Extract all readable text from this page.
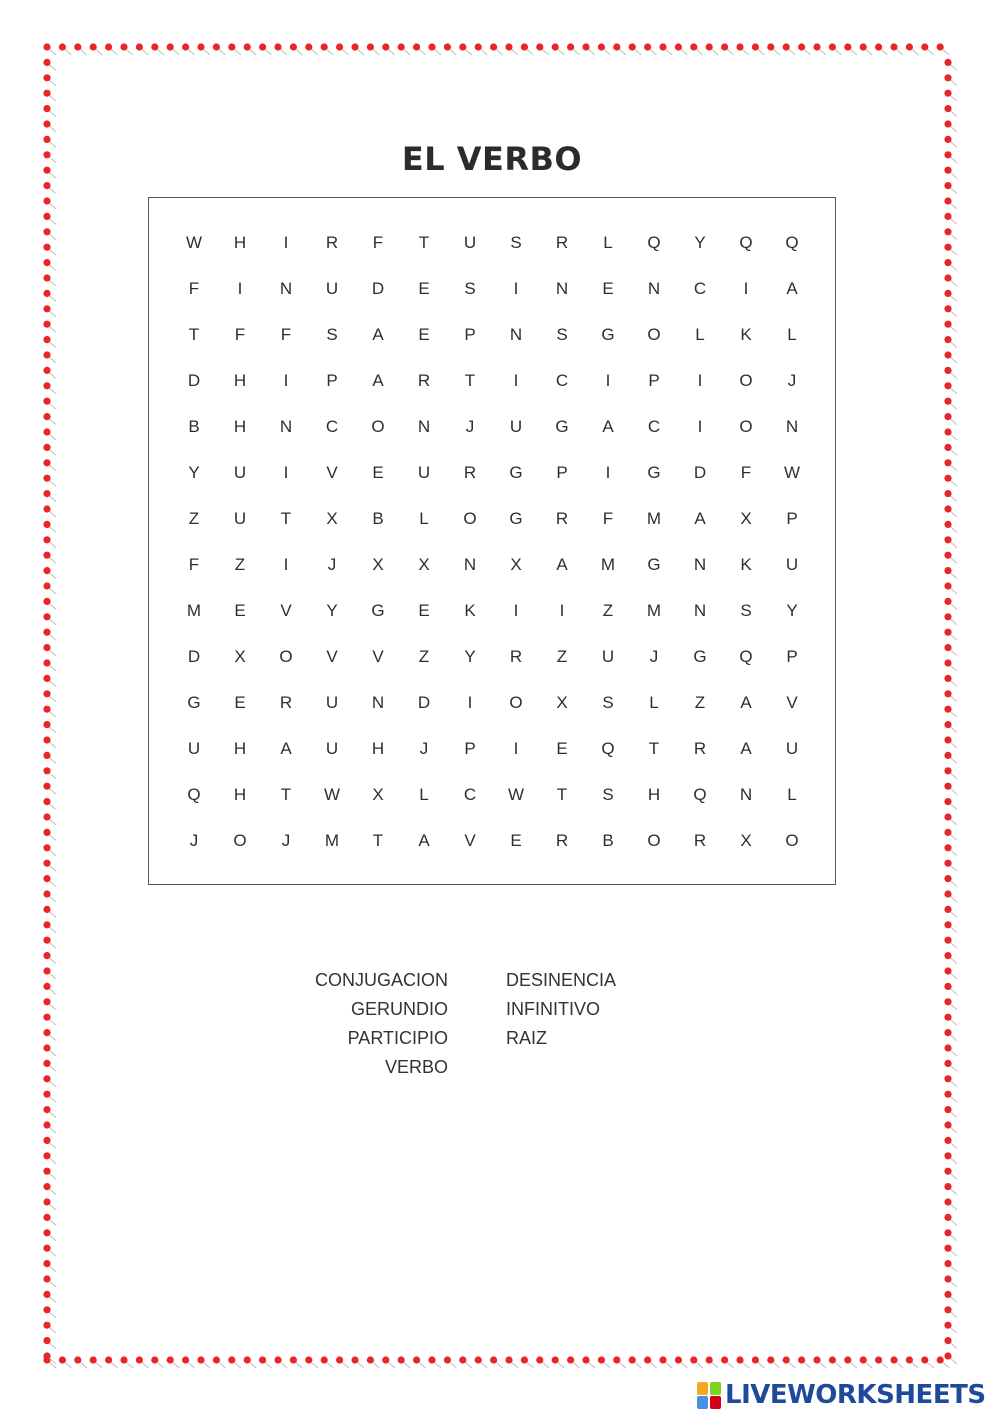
EL VERBO
W	H	I	R	F	T	U	S	R	L	Q	Y	Q	Q
F	I	N	U	D	E	S	I	N	E	N	C	I	A
T	F	F	S	A	E	P	N	S	G	O	L	K	L
D	H	I	P	A	R	T	I	C	I	P	I	O	J
B	H	N	C	O	N	J	U	G	A	C	I	O	N
Y	U	I	V	E	U	R	G	P	I	G	D	F	W
Z	U	T	X	B	L	O	G	R	F	M	A	X	P
F	Z	I	J	X	X	N	X	A	M	G	N	K	U
M	E	V	Y	G	E	K	I	I	Z	M	N	S	Y
D	X	O	V	V	Z	Y	R	Z	U	J	G	Q	P
G	E	R	U	N	D	I	O	X	S	L	Z	A	V
U	H	A	U	H	J	P	I	E	Q	T	R	A	U
Q	H	T	W	X	L	C	W	T	S	H	Q	N	L
J	O	J	M	T	A	V	E	R	B	O	R	X	O
CONJUGACION
GERUNDIO
PARTICIPIO
VERBO
DESINENCIA
INFINITIVO
RAIZ
LIVEWORKSHEETS
